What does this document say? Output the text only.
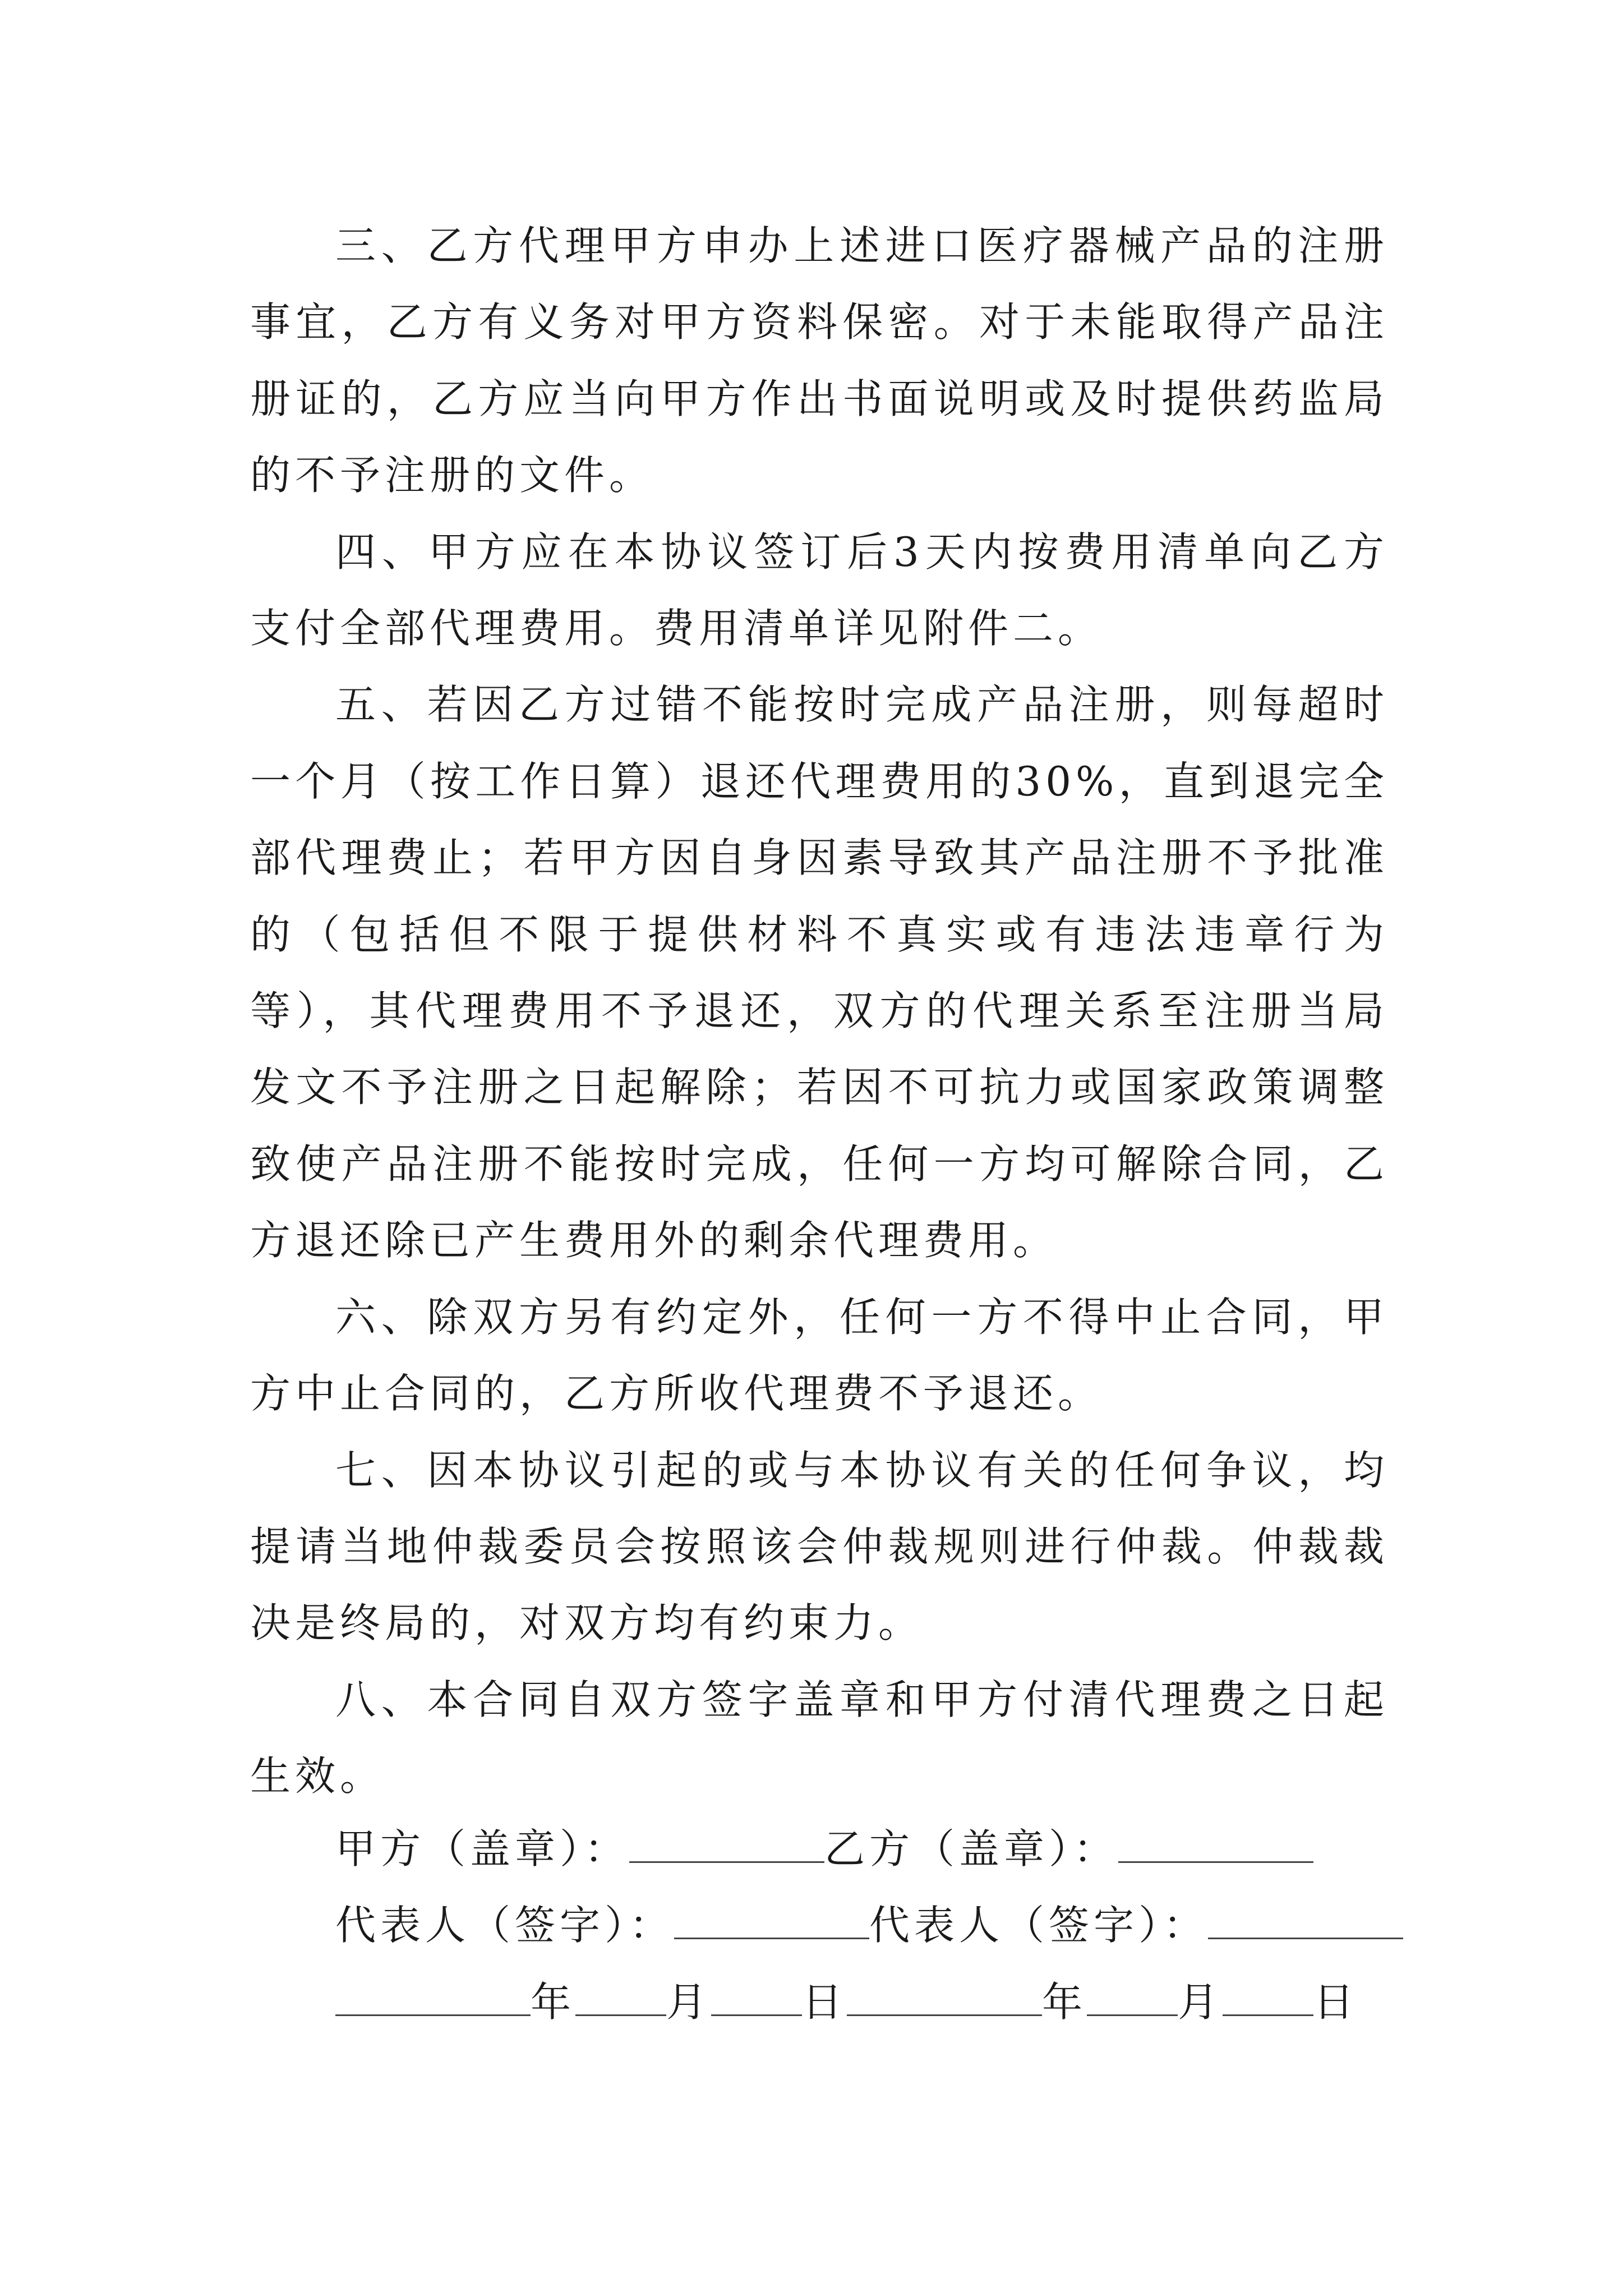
三、乙方代理甲方申办上述进口医疗器械产品的注册事宜，乙方有义务对甲方资料保密。对于未能取得产品注册证的，乙方应当向甲方作出书面说明或及时提供药监局的不予注册的文件。

四、甲方应在本协议签订后3天内按费用清单向乙方支付全部代理费用。费用清单详见附件二。

五、若因乙方过错不能按时完成产品注册，则每超时一个月（按工作日算）退还代理费用的30%，直到退完全部代理费止；若甲方因自身因素导致其产品注册不予批准的（包括但不限于提供材料不真实或有违法违章行为等），其代理费用不予退还，双方的代理关系至注册当局发文不予注册之日起解除；若因不可抗力或国家政策调整致使产品注册不能按时完成，任何一方均可解除合同，乙方退还除已产生费用外的剩余代理费用。

六、除双方另有约定外，任何一方不得中止合同，甲方中止合同的，乙方所收代理费不予退还。

七、因本协议引起的或与本协议有关的任何争议，均提请当地仲裁委员会按照该会仲裁规则进行仲裁。仲裁裁决是终局的，对双方均有约束力。

八、本合同自双方签字盖章和甲方付清代理费之日起生效。

甲方（盖章）：	乙方（盖章）：
代表人（签字）：	代表人（签字）：
年 月 日	年 月 日
